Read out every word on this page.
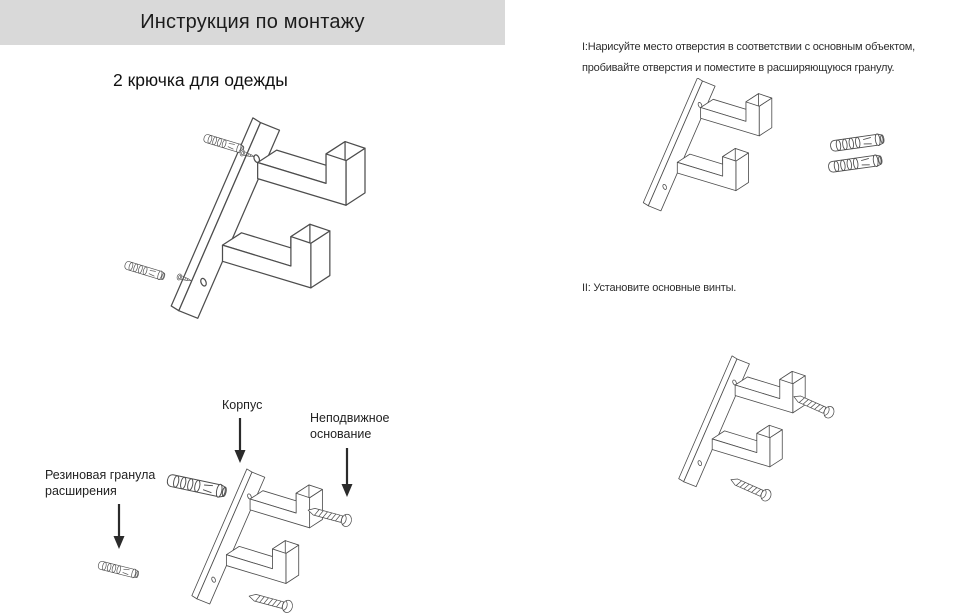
Инструкция по монтажу
2 крючка для одежды
I:Нарисуйте место отверстия в соответствии с основным объектом,
пробивайте отверстия и поместите в расширяющуюся гранулу.
II: Установите основные винты.
Корпус
Неподвижное основание
Резиновая гранула расширения
